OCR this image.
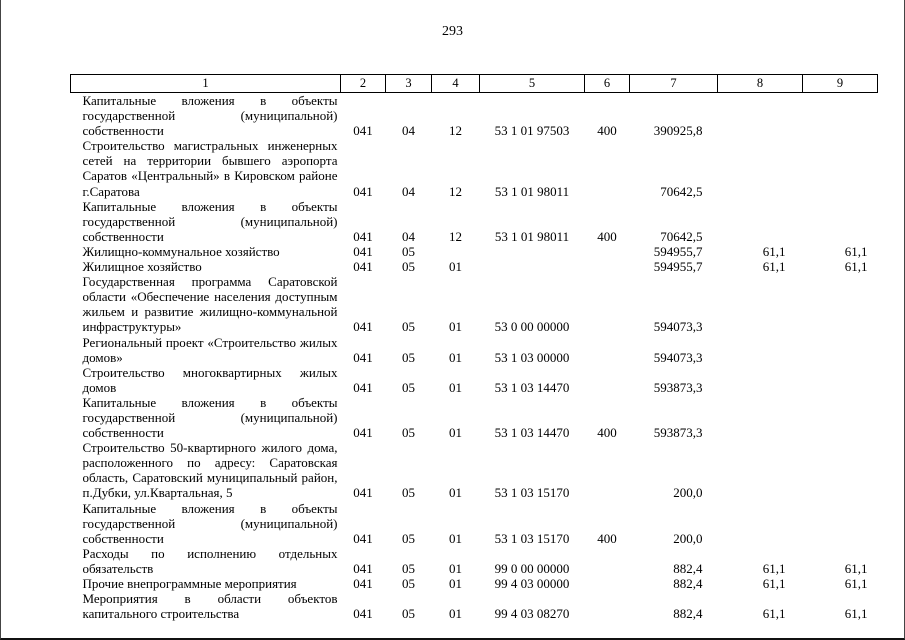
293
1	2	3	4	5	6	7	8	9
Капитальные вложения в объекты государственной (муниципальной) собственности	041	04	12	53 1 01 97503	400	390925,8		
Строительство магистральных инженерных сетей на территории бывшего аэропорта Саратов «Центральный» в Кировском районе г.Саратова	041	04	12	53 1 01 98011		70642,5		
Капитальные вложения в объекты государственной (муниципальной) собственности	041	04	12	53 1 01 98011	400	70642,5		
Жилищно-коммунальное хозяйство	041	05				594955,7	61,1	61,1
Жилищное хозяйство	041	05	01			594955,7	61,1	61,1
Государственная программа Саратовской области «Обеспечение населения доступным жильем и развитие жилищно-коммунальной инфраструктуры»	041	05	01	53 0 00 00000		594073,3		
Региональный проект «Строительство жилых домов»	041	05	01	53 1 03 00000		594073,3		
Строительство многоквартирных жилых домов	041	05	01	53 1 03 14470		593873,3		
Капитальные вложения в объекты государственной (муниципальной) собственности	041	05	01	53 1 03 14470	400	593873,3		
Строительство 50-квартирного жилого дома, расположенного по адресу: Саратовская область, Саратовский муниципальный район, п.Дубки, ул.Квартальная, 5	041	05	01	53 1 03 15170		200,0		
Капитальные вложения в объекты государственной (муниципальной) собственности	041	05	01	53 1 03 15170	400	200,0		
Расходы по исполнению отдельных обязательств	041	05	01	99 0 00 00000		882,4	61,1	61,1
Прочие внепрограммные мероприятия	041	05	01	99 4 03 00000		882,4	61,1	61,1
Мероприятия в области объектов капитального строительства	041	05	01	99 4 03 08270		882,4	61,1	61,1
